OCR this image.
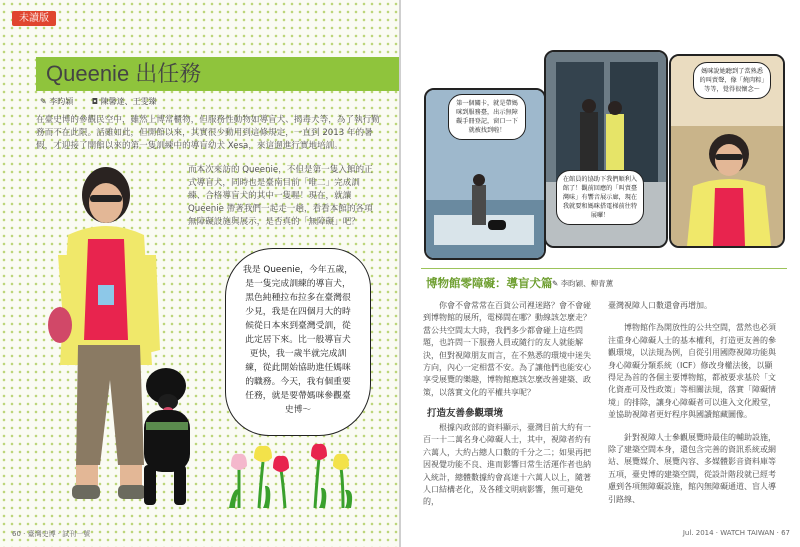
未讀版
Queenie 出任務
✎ 李昀穎 ◘ 陳馨達、王雯臻
在臺史博的參觀民空中，雖然上博常櫃物，但服務性動物如導盲犬、揭毒犬等，為了執行勤務而不在此限。話雖如此，但開館以來，其實很少動用到這條規定，一直到 2013 年的暑假，才迎接了開館以來的第一隻訓練中的導盲幼犬 Xesa，來這遛進行實地培訓。
而本次來訪的 Queenie，不但是第一隻入館的正式導盲犬，同時也是臺南目前「唯二」完成訓練、合格導盲犬的其中一隻喔！現在，就讓 Queenie 帶著我們一起走一趟，看看本館的各項無障礙設施與展示，是否真的「無障礙」吧？
我是 Queenie，今年五歲，是一隻完成訓練的導盲犬，黑色純種拉布拉多在臺灣很少見，我是在四個月大的時候從日本來到臺灣受訓，從此定居下來。比一般導盲犬更快，我一歲半就完成訓練，從此開始協助進任媽咪的職務。今天，我有個重要任務，就是要帶媽咪參觀臺史博～
60 ‧ 臺灣史博 ‧ 試刊一號
第一個關卡，就是帶媽咪到服務臺，出示無障礙手冊登記，窗口一下就被找到啦！
在館員的協助下我們順利入館了！觀前回應的「叫賣臺灣味」有響音展示廊，現在我就要和媽咪搭電梯前往特展囉！
媽咪說她聽到了當熟悉的叫賣聲，像「燒肉粽」等等，覺得很懷念～
博物館零障礙：導盲犬篇 ✎ 李昀穎、柳青薰
你會不會常常在百貨公司裡迷路？會不會碰到博物館的展所，電梯間在哪？動線該怎麼走？當公共空間太大時，我們多少都會碰上這些問題，也許問一下服務人員或隨行的友人就能解決，但對視障朋友而言，在不熟悉的環境中迷失方向，內心一定相當不安。為了讓他們也能安心享受展覽的樂趣，博物館應該怎麼改善建築、政策，以落實文化的平權共享呢？
打造友善參觀環境
根據內政部的資料顯示，臺灣目前大約有一百一十二萬名身心障礙人士，其中，視障者約有六萬人，大約占總人口數的千分之二；如果再把因視覺功能不良、進而影響日常生活運作者也納入統計，總體數據約會高達十六萬人以上，隨著人口結構老化，及各種文明病影響，無可避免的，

臺灣視障人口數還會再增加。

博物館作為開放性的公共空間，當然也必須注重身心障礙人士的基本權利，打造更友善的參觀環境，以法規為例，自從引用國際視障功能與身心障礙分類系統（ICF）修改身權法後，以顯得足為首的各個主要博物館，都被要求基於「文化資產可及性政策」等相關法規，落實「障礙情境」的排除，讓身心障礙者可以進入文化殿堂，並協助視障者更好程序與國讀館藏圖像。

針對視障人士參觀展覽時最佳的輔助設施，除了建築空間本身，還包含完善的資訊系統或網站、展覽媒介、展覽內容、多媒體影音資料庫等五項，臺史博的建築空間，從設計階段就已經考慮到各項無障礙設施，館內無障礙通道、盲人導引路線、

Jul. 2014 ‧ WATCH TAIWAN ‧ 67
